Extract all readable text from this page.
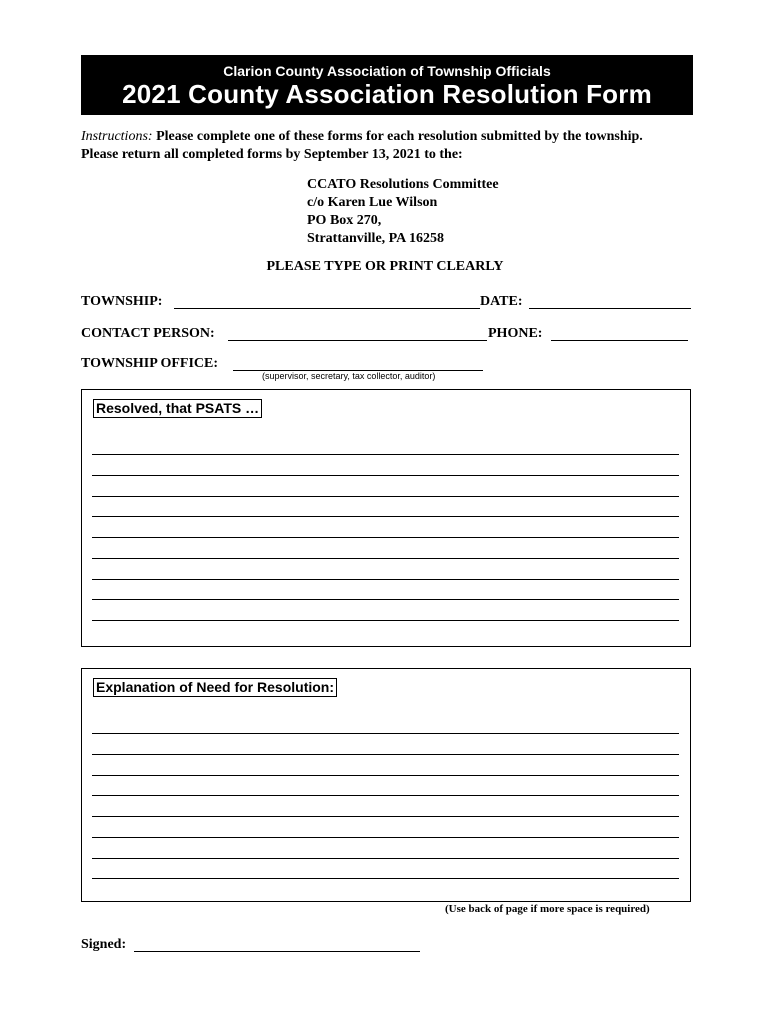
Clarion County Association of Township Officials
2021 County Association Resolution Form
Instructions: Please complete one of these forms for each resolution submitted by the township.
Please return all completed forms by September 13, 2021 to the:
CCATO Resolutions Committee
c/o Karen Lue Wilson
PO Box 270,
Strattanville, PA 16258
PLEASE TYPE OR PRINT CLEARLY
TOWNSHIP:	DATE:
CONTACT PERSON:	PHONE:
TOWNSHIP OFFICE:
(supervisor, secretary, tax collector, auditor)
Resolved, that PSATS …
Explanation of Need for Resolution:
(Use back of page if more space is required)
Signed:
